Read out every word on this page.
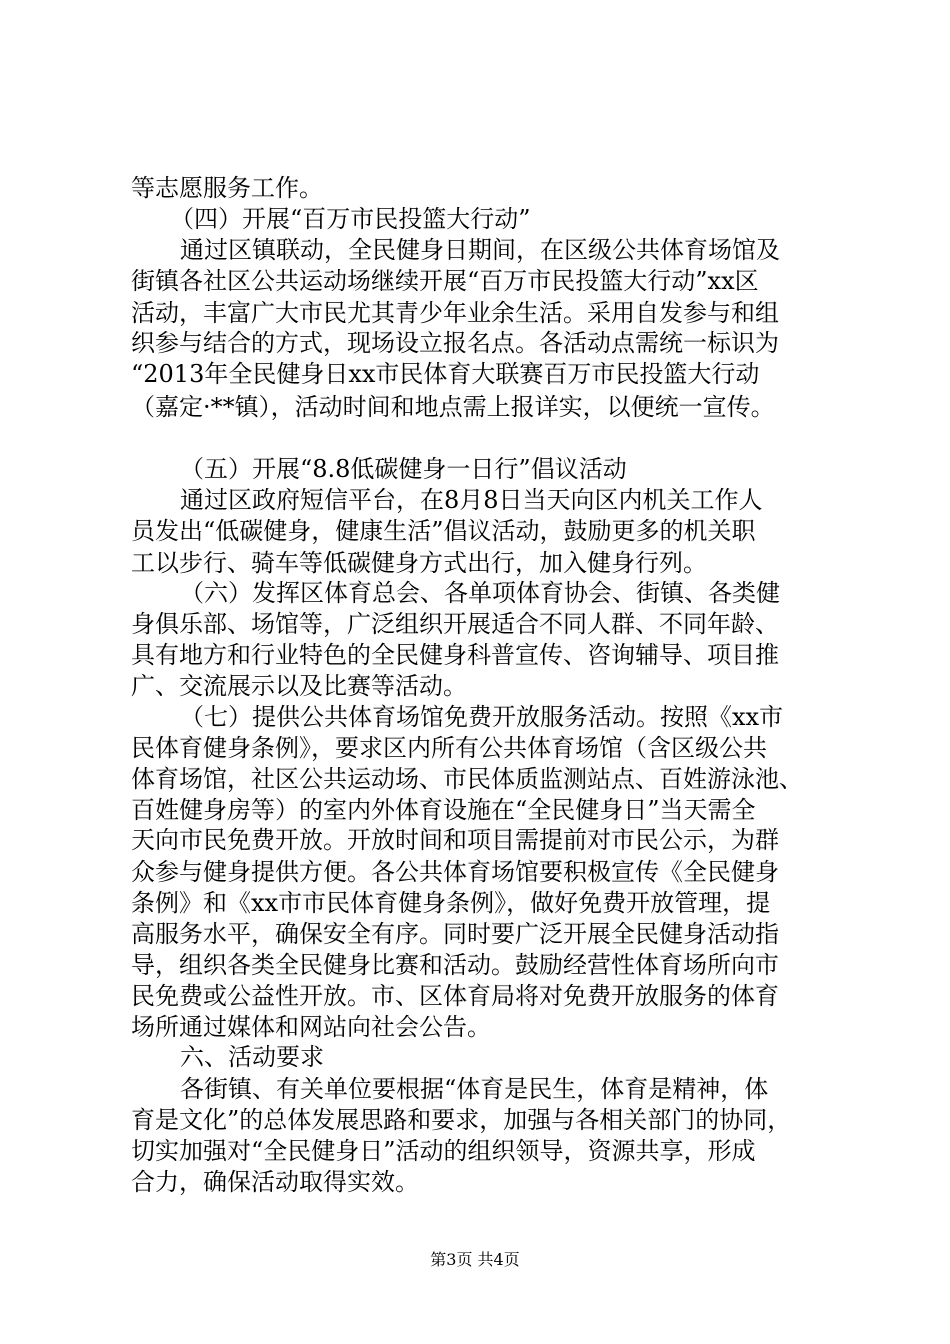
等志愿服务工作。

（四）开展“百万市民投篮大行动”

通过区镇联动，全民健身日期间，在区级公共体育场馆及

街镇各社区公共运动场继续开展“百万市民投篮大行动”xx区

活动，丰富广大市民尤其青少年业余生活。采用自发参与和组

织参与结合的方式，现场设立报名点。各活动点需统一标识为

“2013年全民健身日xx市民体育大联赛百万市民投篮大行动

（嘉定·**镇），活动时间和地点需上报详实，以便统一宣传。

（五）开展“8.8低碳健身一日行”倡议活动

通过区政府短信平台，在8月8日当天向区内机关工作人

员发出“低碳健身，健康生活”倡议活动，鼓励更多的机关职

工以步行、骑车等低碳健身方式出行，加入健身行列。

（六）发挥区体育总会、各单项体育协会、街镇、各类健

身俱乐部、场馆等，广泛组织开展适合不同人群、不同年龄、

具有地方和行业特色的全民健身科普宣传、咨询辅导、项目推

广、交流展示以及比赛等活动。

（七）提供公共体育场馆免费开放服务活动。按照《xx市

民体育健身条例》，要求区内所有公共体育场馆（含区级公共

体育场馆，社区公共运动场、市民体质监测站点、百姓游泳池、

百姓健身房等）的室内外体育设施在“全民健身日”当天需全

天向市民免费开放。开放时间和项目需提前对市民公示，为群

众参与健身提供方便。各公共体育场馆要积极宣传《全民健身

条例》和《xx市市民体育健身条例》，做好免费开放管理，提

高服务水平，确保安全有序。同时要广泛开展全民健身活动指

导，组织各类全民健身比赛和活动。鼓励经营性体育场所向市

民免费或公益性开放。市、区体育局将对免费开放服务的体育

场所通过媒体和网站向社会公告。

六、活动要求

第3页 共4页

各街镇、有关单位要根据“体育是民生，体育是精神，体

育是文化”的总体发展思路和要求，加强与各相关部门的协同，

切实加强对“全民健身日”活动的组织领导，资源共享，形成

合力，确保活动取得实效。
